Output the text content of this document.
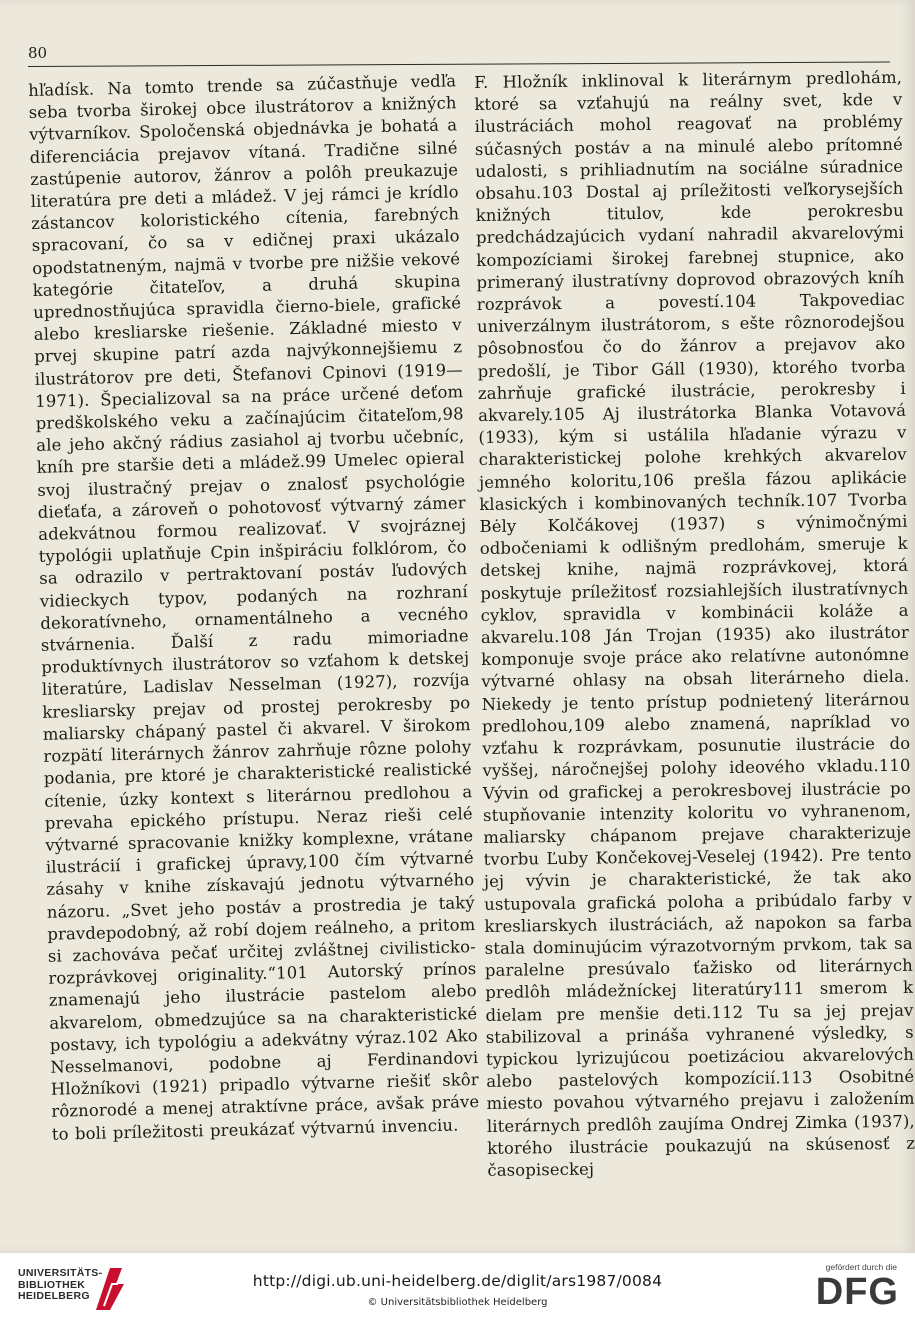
80

hľadísk. Na tomto trende sa zúčastňuje vedľa seba tvorba širokej obce ilustrátorov a knižných výtvarníkov. Spoločenská objednávka je bohatá a diferenciácia prejavov vítaná. Tradične silné zastúpenie autorov, žánrov a polôh preukazuje literatúra pre deti a mládež. V jej rámci je krídlo zástancov koloristického cítenia, farebných spracovaní, čo sa v edičnej praxi ukázalo opodstatneným, najmä v tvorbe pre nižšie vekové kategórie čitateľov, a druhá skupina uprednostňujúca spravidla čierno-biele, grafické alebo kresliarske riešenie. Základné miesto v prvej skupine patrí azda najvýkonnejšiemu z ilustrátorov pre deti, Štefanovi Cpinovi (1919—1971). Špecializoval sa na práce určené deťom predškolského veku a začínajúcim čitateľom,98 ale jeho akčný rádius zasiahol aj tvorbu učebníc, kníh pre staršie deti a mládež.99 Umelec opieral svoj ilustračný prejav o znalosť psychológie dieťaťa, a zároveň o pohotovosť výtvarný zámer adekvátnou formou realizovať. V svojráznej typológii uplatňuje Cpin inšpiráciu folklórom, čo sa odrazilo v pertraktovaní postáv ľudových vidieckych typov, podaných na rozhraní dekoratívneho, ornamentálneho a vecného stvárnenia. Ďalší z radu mimoriadne produktívnych ilustrátorov so vzťahom k detskej literatúre, Ladislav Nesselman (1927), rozvíja kresliarsky prejav od prostej perokresby po maliarsky chápaný pastel či akvarel. V širokom rozpätí literárnych žánrov zahrňuje rôzne polohy podania, pre ktoré je charakteristické realistické cítenie, úzky kontext s literárnou predlohou a prevaha epického prístupu. Neraz rieši celé výtvarné spracovanie knižky komplexne, vrátane ilustrácií i grafickej úpravy,100 čím výtvarné zásahy v knihe získavajú jednotu výtvarného názoru. „Svet jeho postáv a prostredia je taký pravdepodobný, až robí dojem reálneho, a pritom si zachováva pečať určitej zvláštnej civilisticko-rozprávkovej originality.“101 Autorský prínos znamenajú jeho ilustrácie pastelom alebo akvarelom, obmedzujúce sa na charakteristické postavy, ich typológiu a adekvátny výraz.102 Ako Nesselmanovi, podobne aj Ferdinandovi Hložníkovi (1921) pripadlo výtvarne riešiť skôr rôznorodé a menej atraktívne práce, avšak práve to boli príležitosti preukázať výtvarnú invenciu.

F. Hložník inklinoval k literárnym predlohám, ktoré sa vzťahujú na reálny svet, kde v ilustráciách mohol reagovať na problémy súčasných postáv a na minulé alebo prítomné udalosti, s prihliadnutím na sociálne súradnice obsahu.103 Dostal aj príležitosti veľkorysejších knižných titulov, kde perokresbu predchádzajúcich vydaní nahradil akvarelovými kompozíciami širokej farebnej stupnice, ako primeraný ilustratívny doprovod obrazových kníh rozprávok a povestí.104 Takpovediac univerzálnym ilustrátorom, s ešte rôznorodejšou pôsobnosťou čo do žánrov a prejavov ako predošlí, je Tibor Gáll (1930), ktorého tvorba zahrňuje grafické ilustrácie, perokresby i akvarely.105 Aj ilustrátorka Blanka Votavová (1933), kým si ustálila hľadanie výrazu v charakteristickej polohe krehkých akvarelov jemného koloritu,106 prešla fázou aplikácie klasických i kombinovaných techník.107 Tvorba Bėly Kolčákovej (1937) s výnimočnými odbočeniami k odlišným predlohám, smeruje k detskej knihe, najmä rozprávkovej, ktorá poskytuje príležitosť rozsiahlejších ilustratívnych cyklov, spravidla v kombinácii koláže a akvarelu.108 Ján Trojan (1935) ako ilustrátor komponuje svoje práce ako relatívne autonómne výtvarné ohlasy na obsah literárneho diela. Niekedy je tento prístup podnietený literárnou predlohou,109 alebo znamená, napríklad vo vzťahu k rozprávkam, posunutie ilustrácie do vyššej, náročnejšej polohy ideového vkladu.110 Vývin od grafickej a perokresbovej ilustrácie po stupňovanie intenzity koloritu vo vyhranenom, maliarsky chápanom prejave charakterizuje tvorbu Ľuby Končekovej-Veselej (1942). Pre tento jej vývin je charakteristické, že tak ako ustupovala grafická poloha a pribúdalo farby v kresliarskych ilustráciách, až napokon sa farba stala dominujúcim výrazotvorným prvkom, tak sa paralelne presúvalo ťažisko od literárnych predlôh mládežníckej literatúry111 smerom k dielam pre menšie deti.112 Tu sa jej prejav stabilizoval a prináša vyhranené výsledky, s typickou lyrizujúcou poetizáciou akvarelových alebo pastelových kompozícií.113 Osobitné miesto povahou výtvarného prejavu i založením literárnych predlôh zaujíma Ondrej Zimka (1937), ktorého ilustrácie poukazujú na skúsenosť z časopiseckej

UNIVERSITÄTS-
BIBLIOTHEK
HEIDELBERG
http://digi.ub.uni-heidelberg.de/diglit/ars1987/0084
© Universitätsbibliothek Heidelberg
gefördert durch die
DFG
